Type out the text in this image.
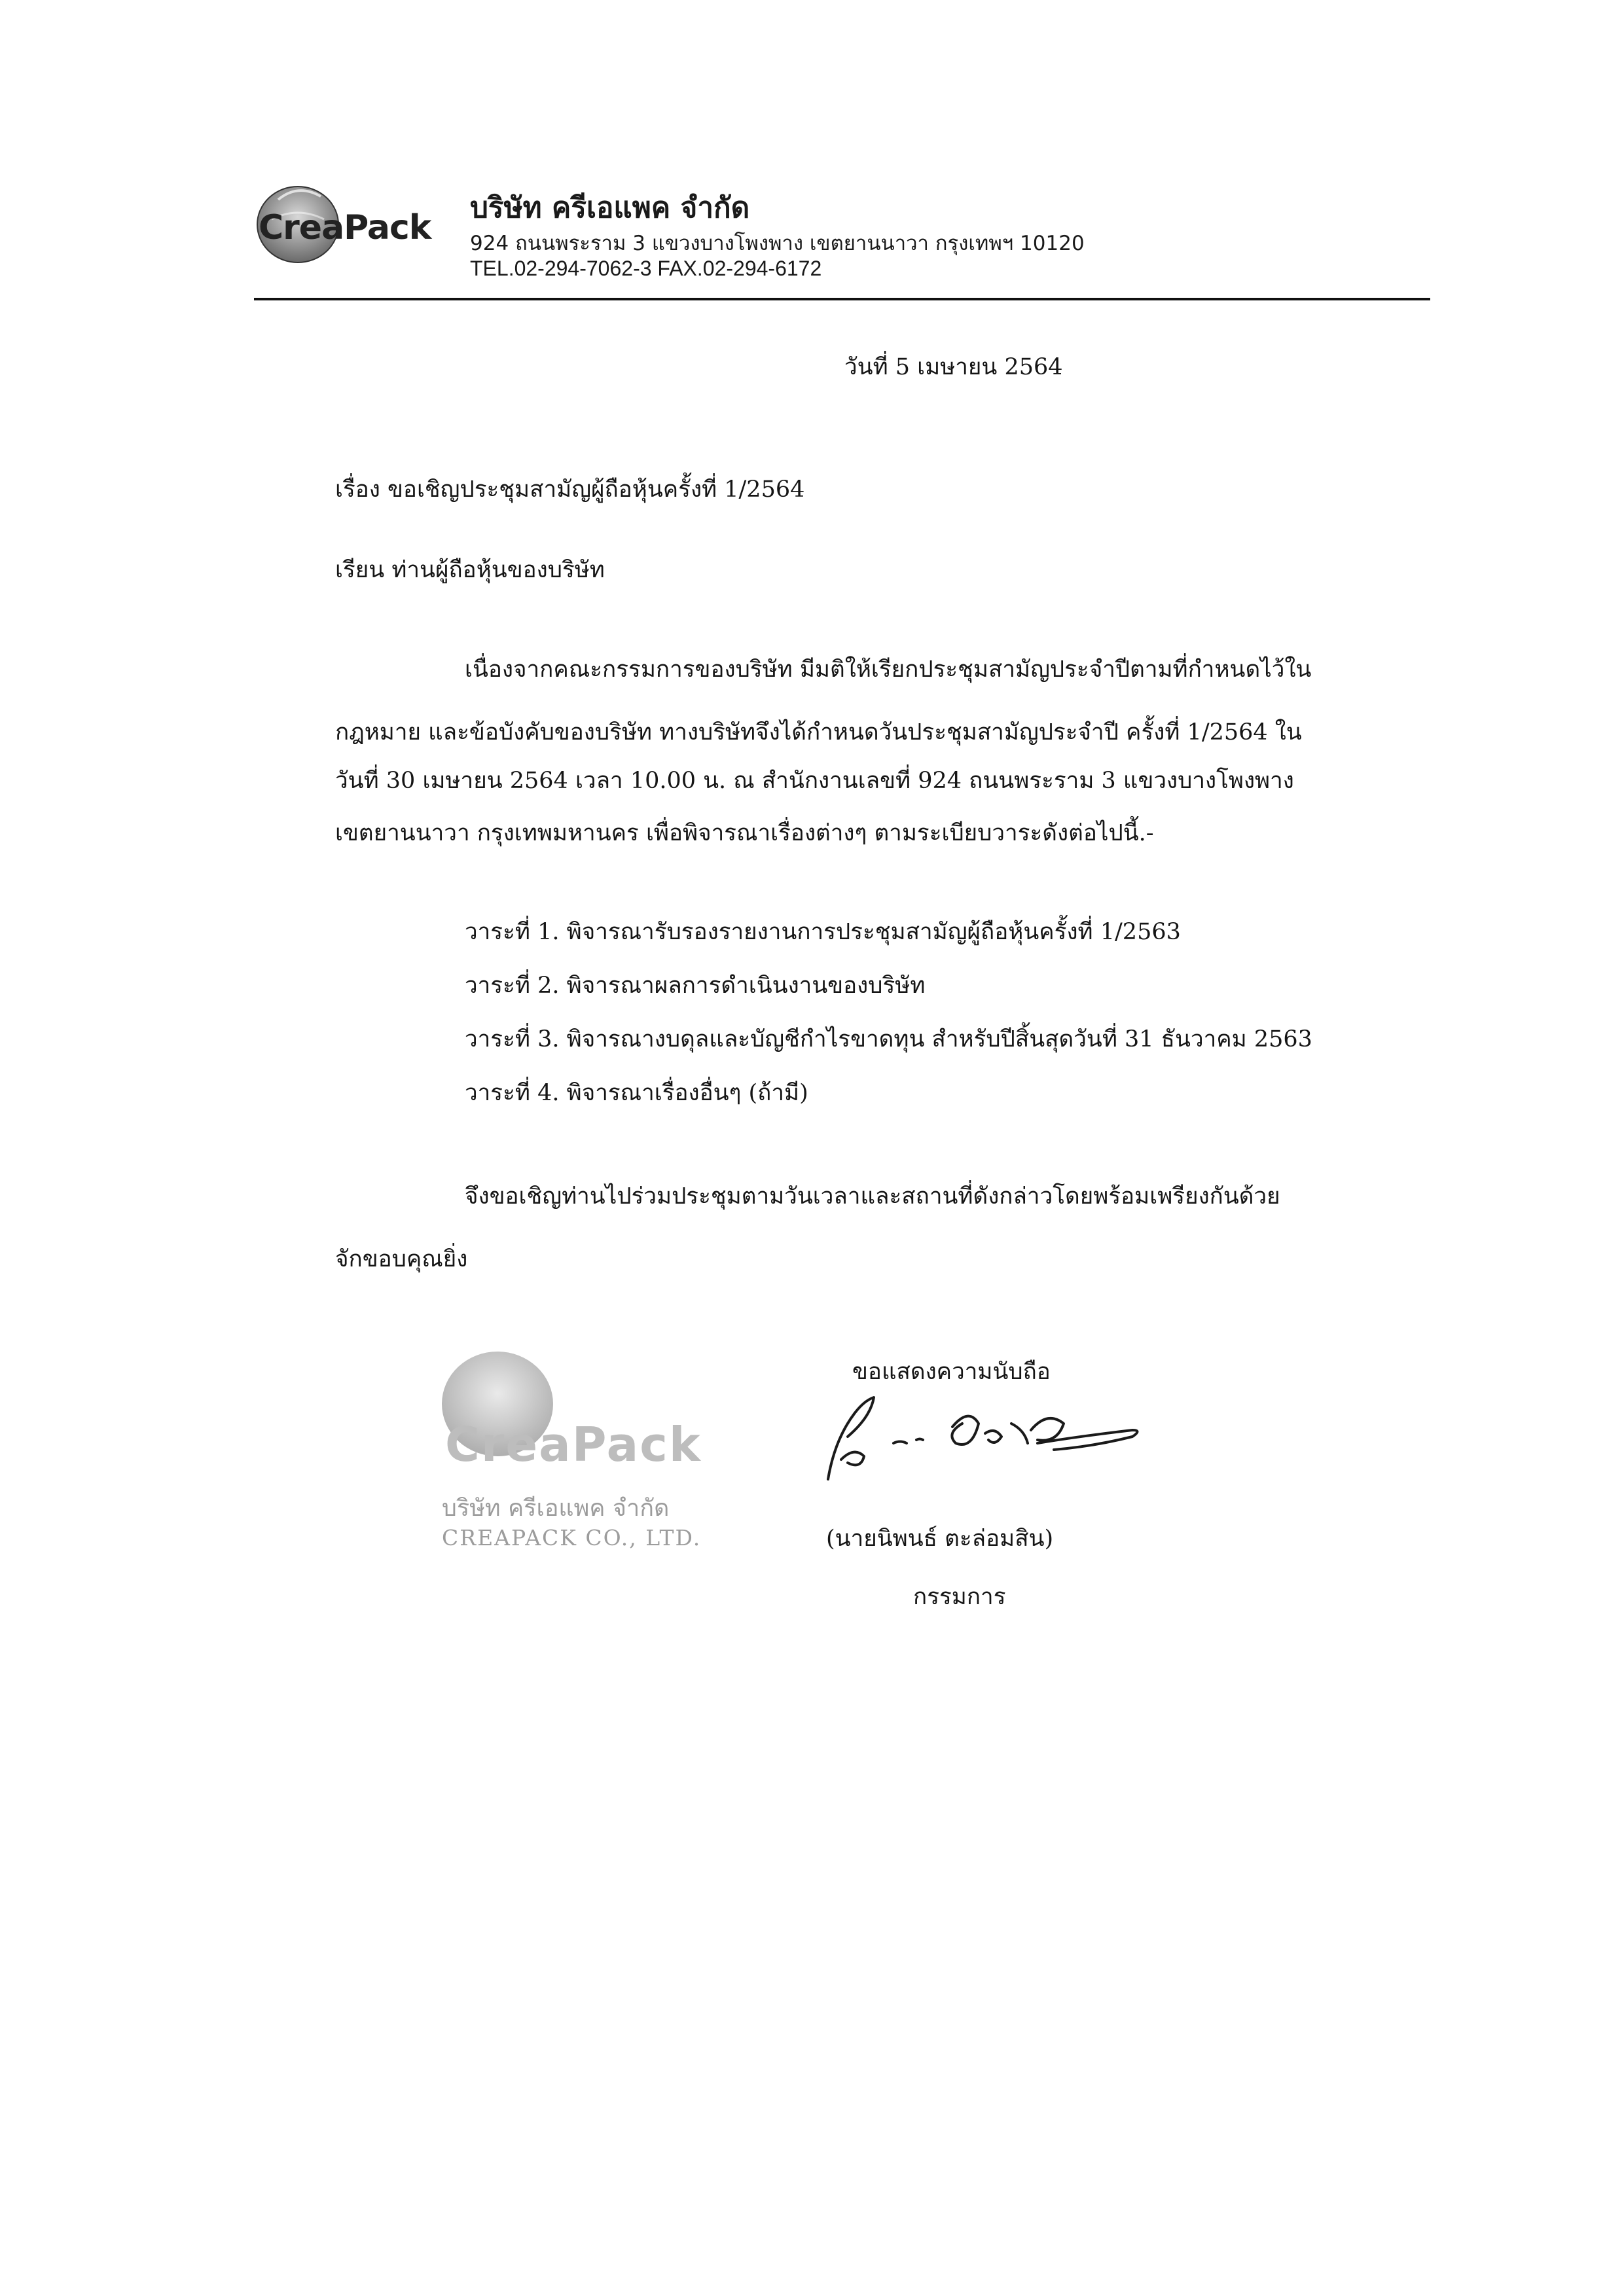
CreaPack
บริษัท ครีเอแพค จำกัด
924 ถนนพระราม 3 แขวงบางโพงพาง เขตยานนาวา กรุงเทพฯ 10120
TEL.02-294-7062-3 FAX.02-294-6172
วันที่ 5 เมษายน 2564
เรื่อง ขอเชิญประชุมสามัญผู้ถือหุ้นครั้งที่ 1/2564
เรียน ท่านผู้ถือหุ้นของบริษัท
เนื่องจากคณะกรรมการของบริษัท มีมติให้เรียกประชุมสามัญประจำปีตามที่กำหนดไว้ใน
กฎหมาย และข้อบังคับของบริษัท ทางบริษัทจึงได้กำหนดวันประชุมสามัญประจำปี ครั้งที่ 1/2564 ใน
วันที่ 30 เมษายน 2564 เวลา 10.00 น. ณ สำนักงานเลขที่ 924 ถนนพระราม 3 แขวงบางโพงพาง
เขตยานนาวา กรุงเทพมหานคร เพื่อพิจารณาเรื่องต่างๆ ตามระเบียบวาระดังต่อไปนี้.-
วาระที่ 1. พิจารณารับรองรายงานการประชุมสามัญผู้ถือหุ้นครั้งที่ 1/2563
วาระที่ 2. พิจารณาผลการดำเนินงานของบริษัท
วาระที่ 3. พิจารณางบดุลและบัญชีกำไรขาดทุน สำหรับปีสิ้นสุดวันที่ 31 ธันวาคม 2563
วาระที่ 4. พิจารณาเรื่องอื่นๆ (ถ้ามี)
จึงขอเชิญท่านไปร่วมประชุมตามวันเวลาและสถานที่ดังกล่าวโดยพร้อมเพรียงกันด้วย
จักขอบคุณยิ่ง
CreaPack
บริษัท ครีเอแพค จำกัด
CREAPACK CO., LTD.
ขอแสดงความนับถือ
(นายนิพนธ์ ตะล่อมสิน)
กรรมการ
